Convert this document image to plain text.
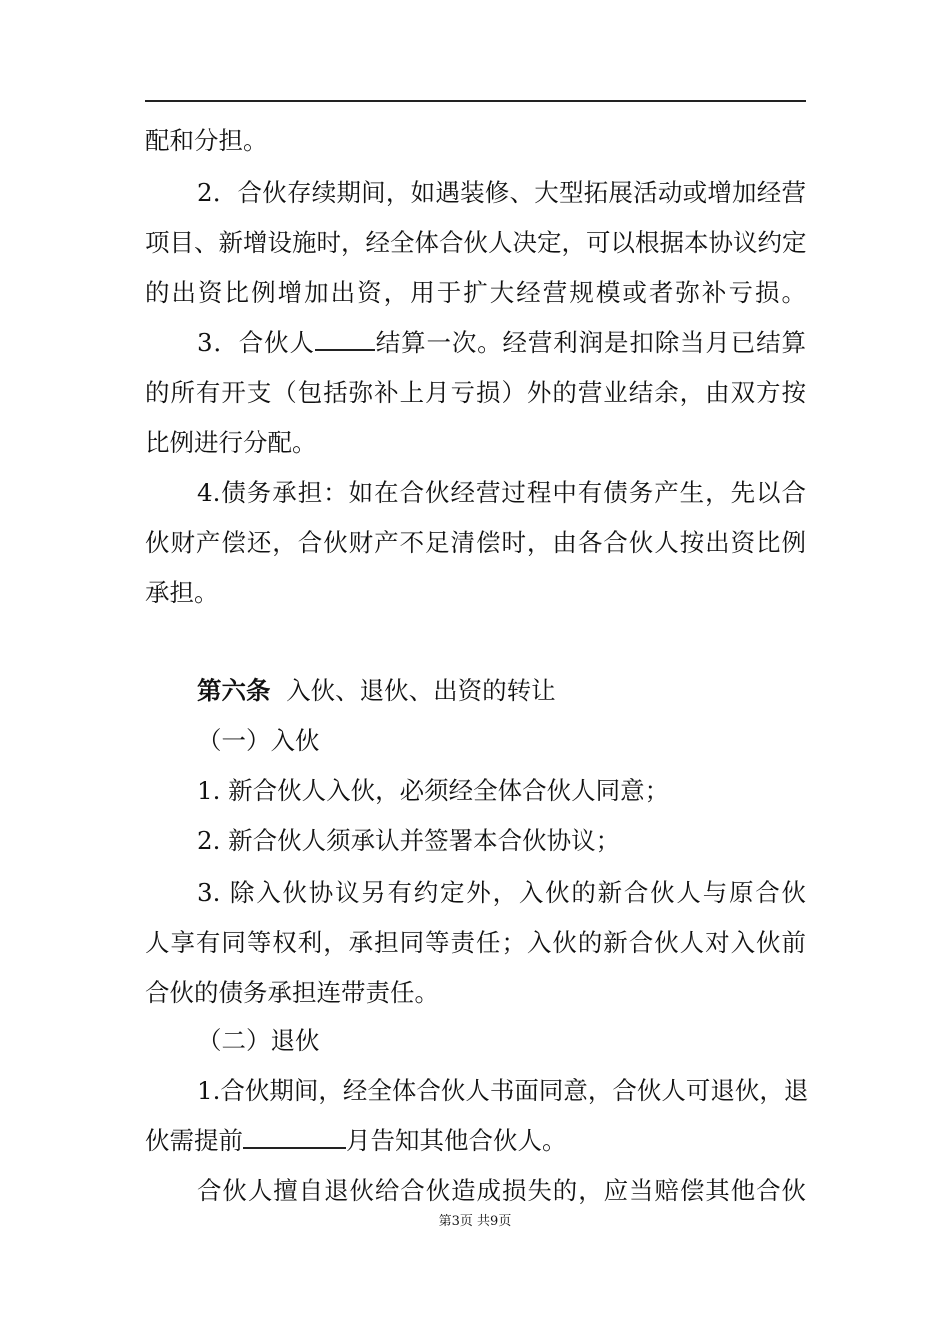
配和分担。

2．合伙存续期间，如遇装修、大型拓展活动或增加经营

项目、新增设施时，经全体合伙人决定，可以根据本协议约定

的出资比例增加出资，用于扩大经营规模或者弥补亏损。

3．合伙人 结算一次。经营利润是扣除当月已结算

的所有开支（包括弥补上月亏损）外的营业结余，由双方按

比例进行分配。

4.债务承担：如在合伙经营过程中有债务产生，先以合

伙财产偿还，合伙财产不足清偿时，由各合伙人按出资比例

承担。

第六条 入伙、退伙、出资的转让

（一）入伙

1. 新合伙人入伙，必须经全体合伙人同意；

2. 新合伙人须承认并签署本合伙协议；

3. 除入伙协议另有约定外，入伙的新合伙人与原合伙

人享有同等权利，承担同等责任；入伙的新合伙人对入伙前

合伙的债务承担连带责任。

（二）退伙

1.合伙期间，经全体合伙人书面同意，合伙人可退伙，退

伙需提前	月告知其他合伙人。

合伙人擅自退伙给合伙造成损失的，应当赔偿其他合伙

第3页 共9页
